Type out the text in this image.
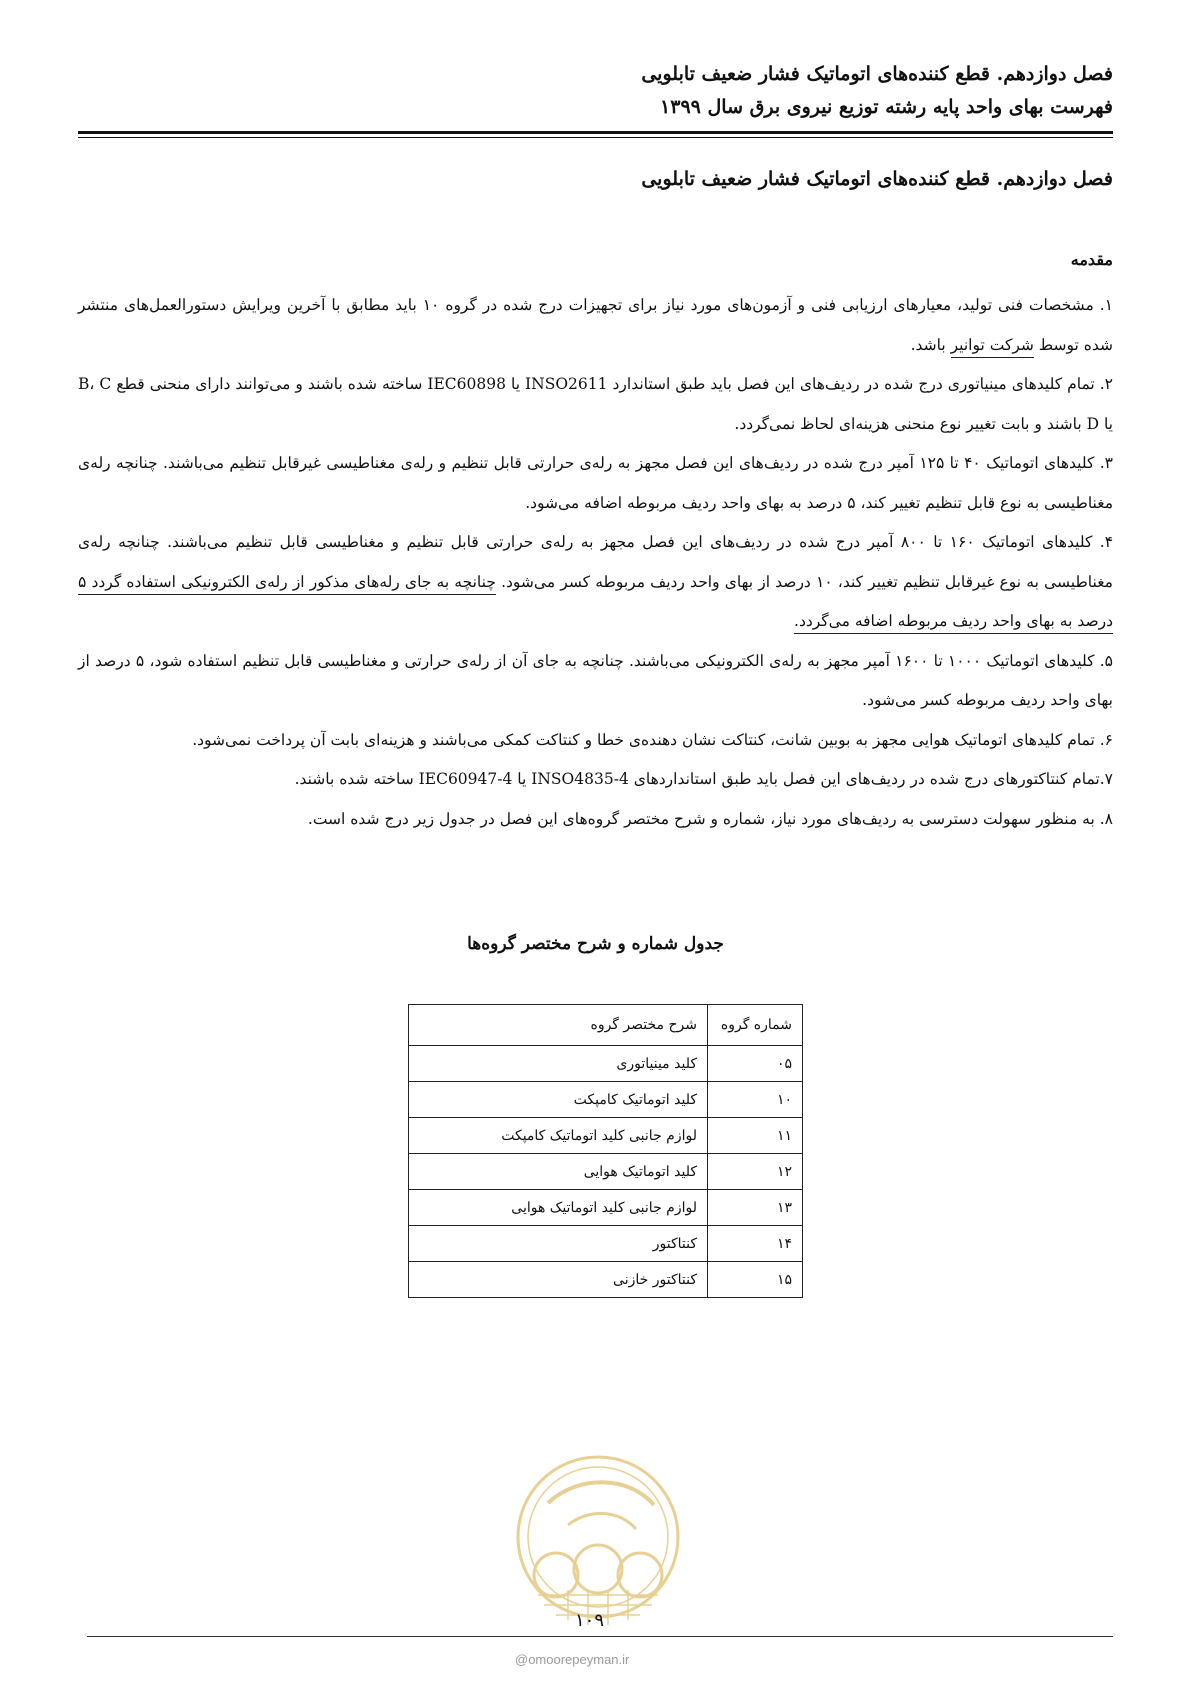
فصل دوازدهم. قطع کننده‌های اتوماتیک فشار ضعیف تابلویی
فهرست بهای واحد پایه رشته توزیع نیروی برق سال ۱۳۹۹
فصل دوازدهم. قطع کننده‌های اتوماتیک فشار ضعیف تابلویی
مقدمه

۱. مشخصات فنی تولید، معیارهای ارزیابی فنی و آزمون‌های مورد نیاز برای تجهیزات درج شده در گروه ۱۰ باید مطابق با آخرین ویرایش دستورالعمل‌های منتشر شده توسط شرکت توانیر باشد.

۲. تمام کلیدهای مینیاتوری درج شده در ردیف‌های این فصل باید طبق استاندارد INSO2611 یا IEC60898 ساخته شده باشند و می‌توانند دارای منحنی قطع B، C یا D باشند و بابت تغییر نوع منحنی هزینه‌ای لحاظ نمی‌گردد.

۳. کلیدهای اتوماتیک ۴۰ تا ۱۲۵ آمپر درج شده در ردیف‌های این فصل مجهز به رله‌ی حرارتی قابل تنظیم و رله‌ی مغناطیسی غیرقابل تنظیم می‌باشند. چنانچه رله‌ی مغناطیسی به نوع قابل تنظیم تغییر کند، ۵ درصد به بهای واحد ردیف مربوطه اضافه می‌شود.

۴. کلیدهای اتوماتیک ۱۶۰ تا ۸۰۰ آمپر درج شده در ردیف‌های این فصل مجهز به رله‌ی حرارتی قابل تنظیم و مغناطیسی قابل تنظیم می‌باشند. چنانچه رله‌ی مغناطیسی به نوع غیرقابل تنظیم تغییر کند، ۱۰ درصد از بهای واحد ردیف مربوطه کسر می‌شود. چنانچه به جای رله‌های مذکور از رله‌ی الکترونیکی استفاده گردد ۵ درصد به بهای واحد ردیف مربوطه اضافه می‌گردد.

۵. کلیدهای اتوماتیک ۱۰۰۰ تا ۱۶۰۰ آمپر مجهز به رله‌ی الکترونیکی می‌باشند. چنانچه به جای آن از رله‌ی حرارتی و مغناطیسی قابل تنظیم استفاده شود، ۵ درصد از بهای واحد ردیف مربوطه کسر می‌شود.

۶. تمام کلیدهای اتوماتیک هوایی مجهز به بوبین شانت، کنتاکت نشان دهنده‌ی خطا و کنتاکت کمکی می‌باشند و هزینه‌ای بابت آن پرداخت نمی‌شود.

۷.تمام کنتاکتورهای درج شده در ردیف‌های این فصل باید طبق استانداردهای INSO4835-4 یا IEC60947-4 ساخته شده باشند.

۸. به منظور سهولت دسترسی به ردیف‌های مورد نیاز، شماره و شرح مختصر گروه‌های این فصل در جدول زیر درج شده است.

جدول شماره و شرح مختصر گروه‌ها
شماره گروه	شرح مختصر گروه
۰۵	کلید مینیاتوری
۱۰	کلید اتوماتیک کامپکت
۱۱	لوازم جانبی کلید اتوماتیک کامپکت
۱۲	کلید اتوماتیک هوایی
۱۳	لوازم جانبی کلید اتوماتیک هوایی
۱۴	کنتاکتور
۱۵	کنتاکتور خازنی
۱۰۹
@omoorepeyman.ir
